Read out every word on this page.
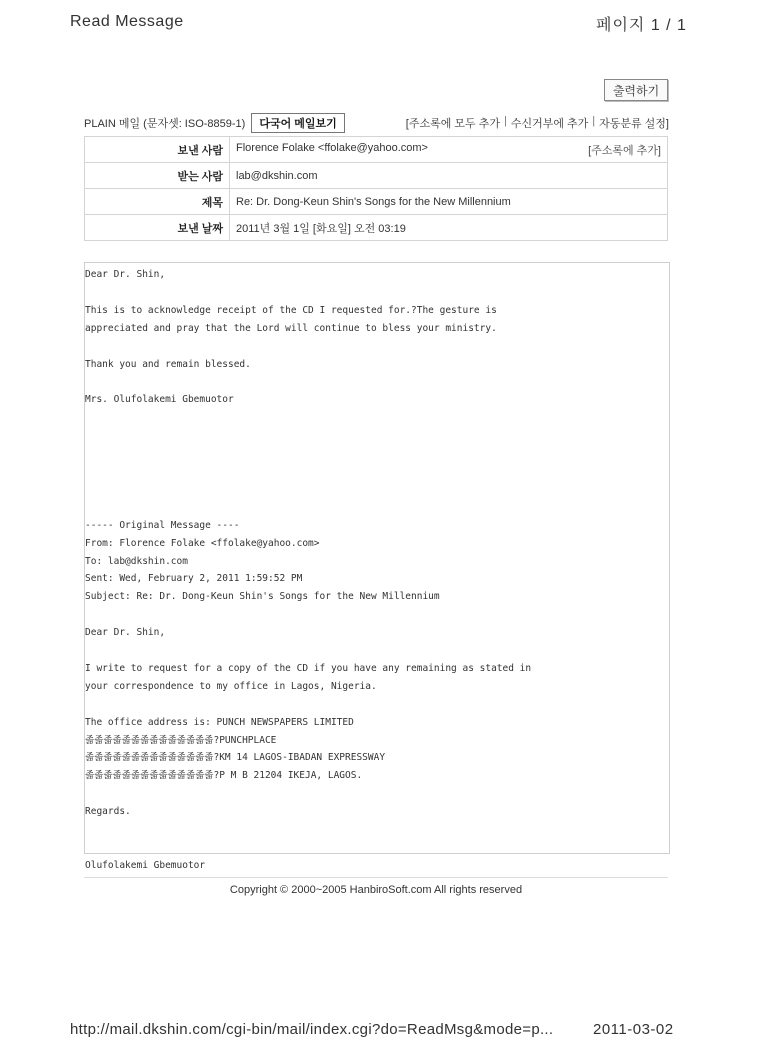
Read Message	페이지 1 / 1
출력하기
PLAIN 메일 (문자셋: ISO-8859-1)	다국어 메일보기	[주소록에 모두 추가 | 수신거부에 추가 | 자동분류 설정]
보낸 사람	Florence Folake <ffolake@yahoo.com> [주소록에 추가]

받는 사람	lab@dkshin.com
제목	Re: Dr. Dong-Keun Shin's Songs for the New Millennium
보낸 날짜	2011년 3월 1일 [화요일] 오전 03:19
Dear Dr. Shin,

This is to acknowledge receipt of the CD I requested for.?The gesture is
appreciated and pray that the Lord will continue to bless your ministry.

Thank you and remain blessed.

Mrs. Olufolakemi Gbemuotor

----- Original Message ----
From: Florence Folake <ffolake@yahoo.com>
To: lab@dkshin.com
Sent: Wed, February 2, 2011 1:59:52 PM
Subject: Re: Dr. Dong-Keun Shin's Songs for the New Millennium

Dear Dr. Shin,

I write to request for a copy of the CD if you have any remaining as stated in
your correspondence to my office in Lagos, Nigeria.

The office address is: PUNCH NEWSPAPERS LIMITED
졻졻졻졻졻졻졻졻졻졻졻졻졻졻?PUNCHPLACE
졻졻졻졻졻졻졻졻졻졻졻졻졻졻?KM 14 LAGOS-IBADAN EXPRESSWAY
졻졻졻졻졻졻졻졻졻졻졻졻졻졻?P M B 21204 IKEJA, LAGOS.

Regards.

Olufolakemi Gbemuotor
Copyright © 2000~2005 HanbiroSoft.com All rights reserved
http://mail.dkshin.com/cgi-bin/mail/index.cgi?do=ReadMsg&mode=p...	2011-03-02
